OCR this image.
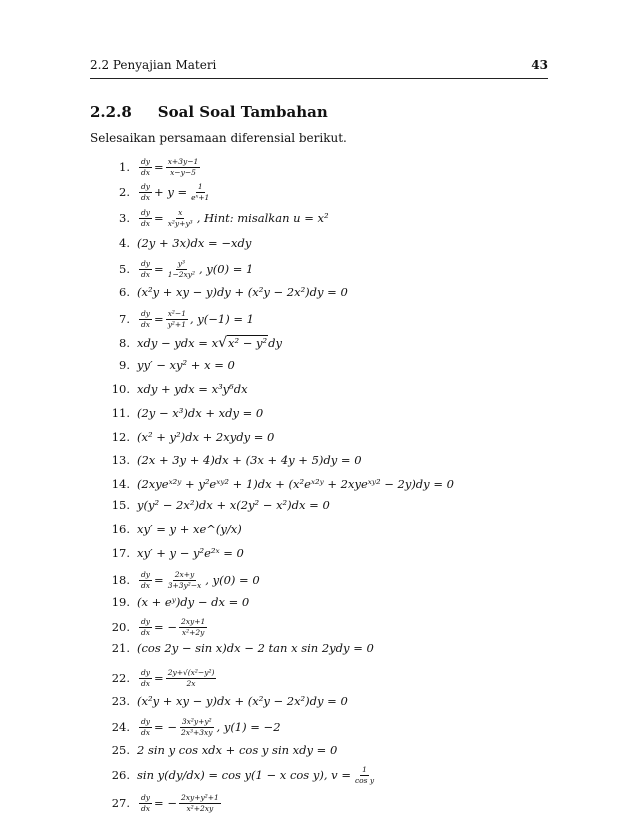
2.2 Penyajian Materi	43
2.2.8 Soal Soal Tambahan
Selesaikan persamaan diferensial berikut.
1. $\frac{dy}{dx} = \frac{x+3y-1}{x-y-5}$
2. $\frac{dy}{dx} + y = \frac{1}{\text{eˣ+1}}$
3. $\frac{dy}{dx} = \frac{x}{\text{x²y+y³}}$ , Hint: misalkan u = x²
4. (2y + 3x)dx = −xdy
5. $\frac{dy}{dx} = \frac{\text{y³}}{\text{1−2xy²}}$ , y(0) = 1
6. (x²y + xy − y)dy + (x²y − 2x²)dy = 0
7. $\frac{dy}{dx} = \frac{\text{x²−1}}{\text{y²+1}}$ , y(−1) = 1
8. xdy − ydx = x √ x² − y² dy
9. yy′ − xy² + x = 0
10. xdy + ydx = x³y⁶dx
11. (2y − x³)dx + xdy = 0
12. (x² + y²)dx + 2xydy = 0
13. (2x + 3y + 4)dx + (3x + 4y + 5)dy = 0
14. (2xyeˣ²ʸ + y²eˣʸ² + 1)dx + (x²eˣ²ʸ + 2xyeˣʸ² − 2y)dy = 0
15. y(y² − 2x²)dx + x(2y² − x²)dx = 0
16. xy′ = y + xe^(y/x)
17. xy′ + y − y²e²ˣ = 0
18. $\frac{dy}{dx} = \frac{2x+y}{\text{3+3y²−x}}$ , y(0) = 0
19. (x + eʸ)dy − dx = 0
20. $\frac{dy}{dx}$ = − $\frac{2xy+1}{\text{x²+2y}}$
21. (cos 2y − sin x)dx − 2 tan x sin 2ydy = 0
22. $\frac{dy}{dx} = \frac{\text{2y+√(x²−y²)}}{2x}$
23. (x²y + xy − y)dx + (x²y − 2x²)dy = 0
24. $\frac{dy}{dx}$ = − $\frac{\text{3x²y+y²}}{\text{2x³+3xy}}$ , y(1) = −2
25. 2 sin y cos xdx + cos y sin xdy = 0
26. sin y(dy/dx) = cos y(1 − x cos y), $v = \frac{1}{\text{cos y}}$
27. $\frac{dy}{dx}$ = − $\frac{\text{2xy+y²+1}}{\text{x²+2xy}}$
